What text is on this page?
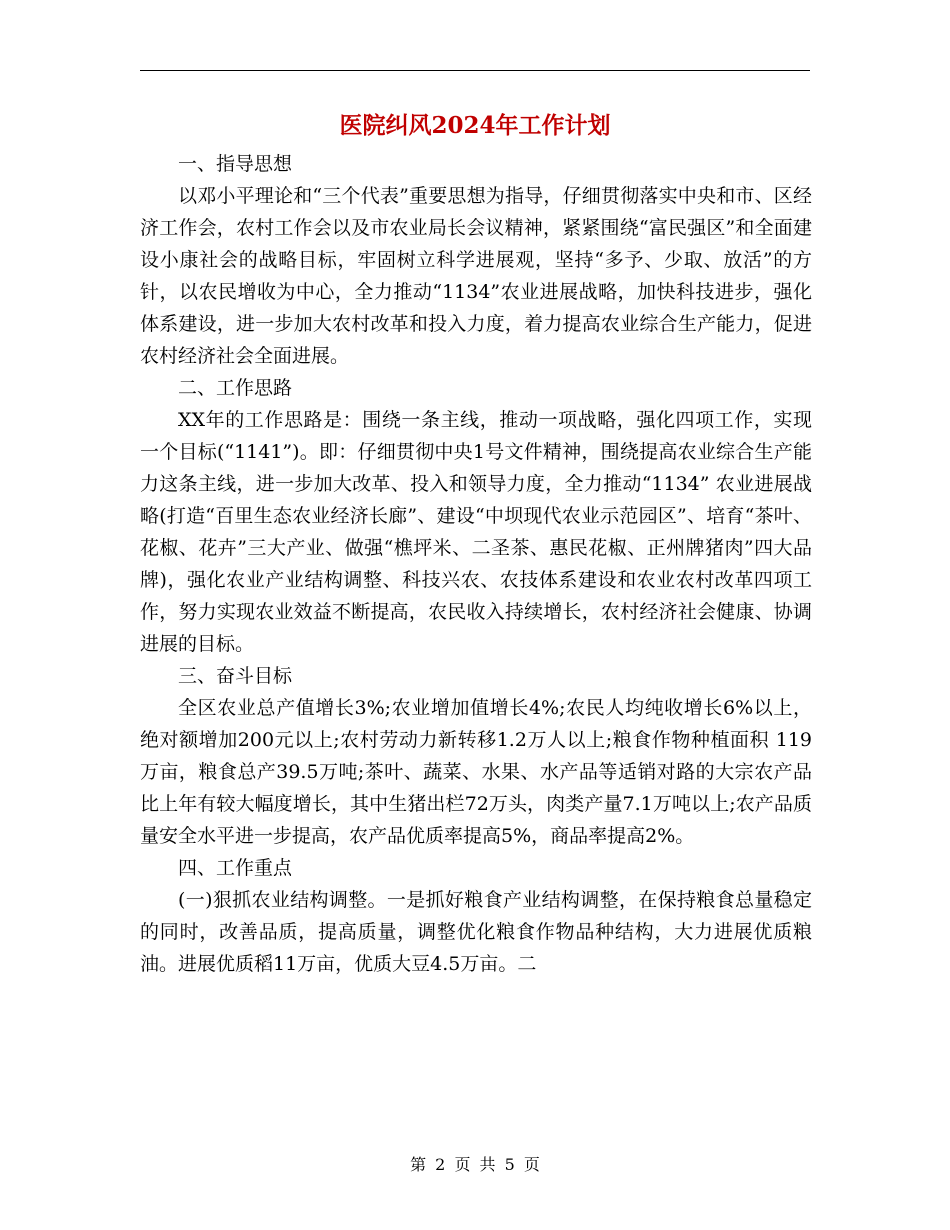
医院纠风2024年工作计划

一、指导思想

以邓小平理论和“三个代表”重要思想为指导，仔细贯彻落实中央和市、区经济工作会，农村工作会以及市农业局长会议精神，紧紧围绕“富民强区”和全面建设小康社会的战略目标，牢固树立科学进展观，坚持“多予、少取、放活”的方针，以农民增收为中心，全力推动“1134”农业进展战略，加快科技进步，强化体系建设，进一步加大农村改革和投入力度，着力提高农业综合生产能力，促进农村经济社会全面进展。

二、工作思路

XX年的工作思路是：围绕一条主线，推动一项战略，强化四项工作，实现一个目标(“1141”)。即：仔细贯彻中央1号文件精神，围绕提高农业综合生产能力这条主线，进一步加大改革、投入和领导力度，全力推动“1134” 农业进展战略(打造“百里生态农业经济长廊”、建设“中坝现代农业示范园区”、培育“茶叶、花椒、花卉”三大产业、做强“樵坪米、二圣茶、惠民花椒、正州牌猪肉”四大品牌)，强化农业产业结构调整、科技兴农、农技体系建设和农业农村改革四项工作，努力实现农业效益不断提高，农民收入持续增长，农村经济社会健康、协调进展的目标。

三、奋斗目标

全区农业总产值增长3%;农业增加值增长4%;农民人均纯收增长6%以上，绝对额增加200元以上;农村劳动力新转移1.2万人以上;粮食作物种植面积 119万亩，粮食总产39.5万吨;茶叶、蔬菜、水果、水产品等适销对路的大宗农产品比上年有较大幅度增长，其中生猪出栏72万头，肉类产量7.1万吨以上;农产品质量安全水平进一步提高，农产品优质率提高5%，商品率提高2%。

四、工作重点

(一)狠抓农业结构调整。一是抓好粮食产业结构调整，在保持粮食总量稳定的同时，改善品质，提高质量，调整优化粮食作物品种结构，大力进展优质粮油。进展优质稻11万亩，优质大豆4.5万亩。二

第 2 页 共 5 页
